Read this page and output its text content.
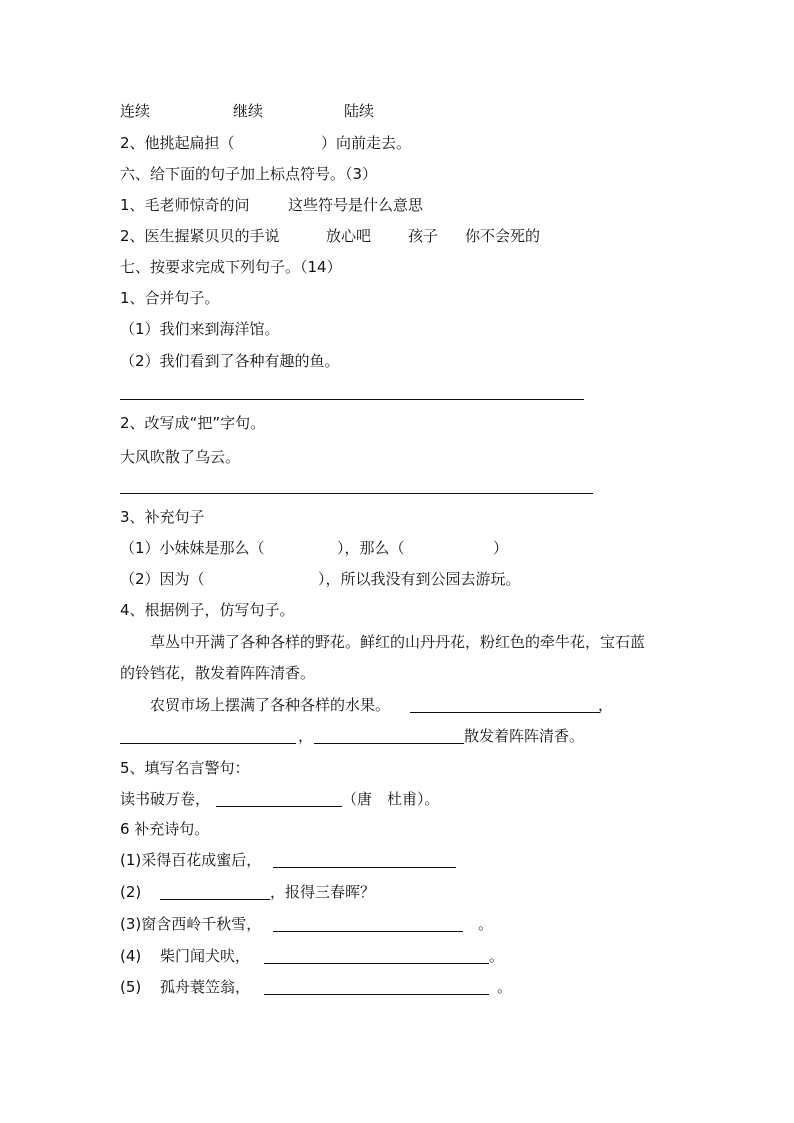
连续	继续	陆续
2、他挑起扁担（	）向前走去。
六、给下面的句子加上标点符号。（3）
1、毛老师惊奇的问	这些符号是什么意思
2、医生握紧贝贝的手说	放心吧 孩子 你不会死的
七、按要求完成下列句子。（14）
1、合并句子。
（1）我们来到海洋馆。
（2）我们看到了各种有趣的鱼。
2、改写成“把”字句。
大风吹散了乌云。
3、补充句子
（1）小妹妹是那么（	），那么（	）
（2）因为（	），所以我没有到公园去游玩。
4、根据例子，仿写句子。
草丛中开满了各种各样的野花。鲜红的山丹丹花，粉红色的牵牛花，宝石蓝
的铃铛花，散发着阵阵清香。
农贸市场上摆满了各种各样的水果。	，
，	散发着阵阵清香。
5、填写名言警句：
读书破万卷，	（唐　杜甫）。
6 补充诗句。
(1)采得百花成蜜后，
(2)	，报得三春晖？
(3)窗含西岭千秋雪，	。
(4) 柴门闻犬吠，	。
(5) 孤舟蓑笠翁，	。
